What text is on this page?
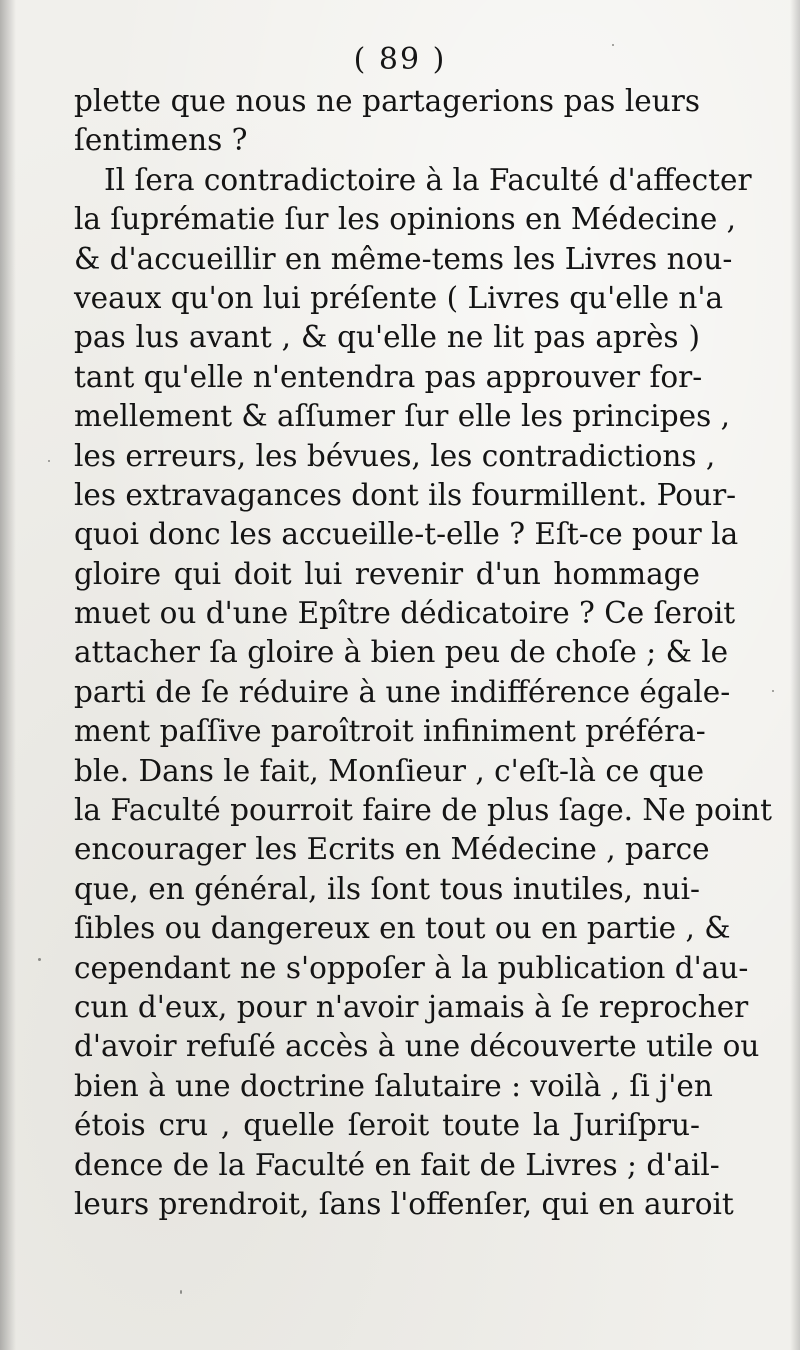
( 89 )
plette que nous ne partagerions pas leurs
ſentimens ?
Il ſera contradictoire à la Faculté d'affecter
la ſuprématie ſur les opinions en Médecine ,
& d'accueillir en même-tems les Livres nou-
veaux qu'on lui préſente ( Livres qu'elle n'a
pas lus avant , & qu'elle ne lit pas après )
tant qu'elle n'entendra pas approuver for-
mellement & aſſumer ſur elle les principes ,
les erreurs, les bévues, les contradictions ,
les extravagances dont ils fourmillent. Pour-
quoi donc les accueille-t-elle ? Eſt-ce pour la
gloire qui doit lui revenir d'un hommage
muet ou d'une Epître dédicatoire ? Ce ſeroit
attacher ſa gloire à bien peu de choſe ; & le
parti de ſe réduire à une indifférence égale-
ment paſſive paroîtroit infiniment préféra-
ble. Dans le fait, Monſieur , c'eſt-là ce que
la Faculté pourroit faire de plus ſage. Ne point
encourager les Ecrits en Médecine , parce
que, en général, ils ſont tous inutiles, nui-
ſibles ou dangereux en tout ou en partie , &
cependant ne s'oppoſer à la publication d'au-
cun d'eux, pour n'avoir jamais à ſe reprocher
d'avoir refuſé accès à une découverte utile ou
bien à une doctrine ſalutaire : voilà , ſi j'en
étois cru , quelle ſeroit toute la Juriſpru-
dence de la Faculté en fait de Livres ; d'ail-
leurs prendroit, ſans l'offenſer, qui en auroit
